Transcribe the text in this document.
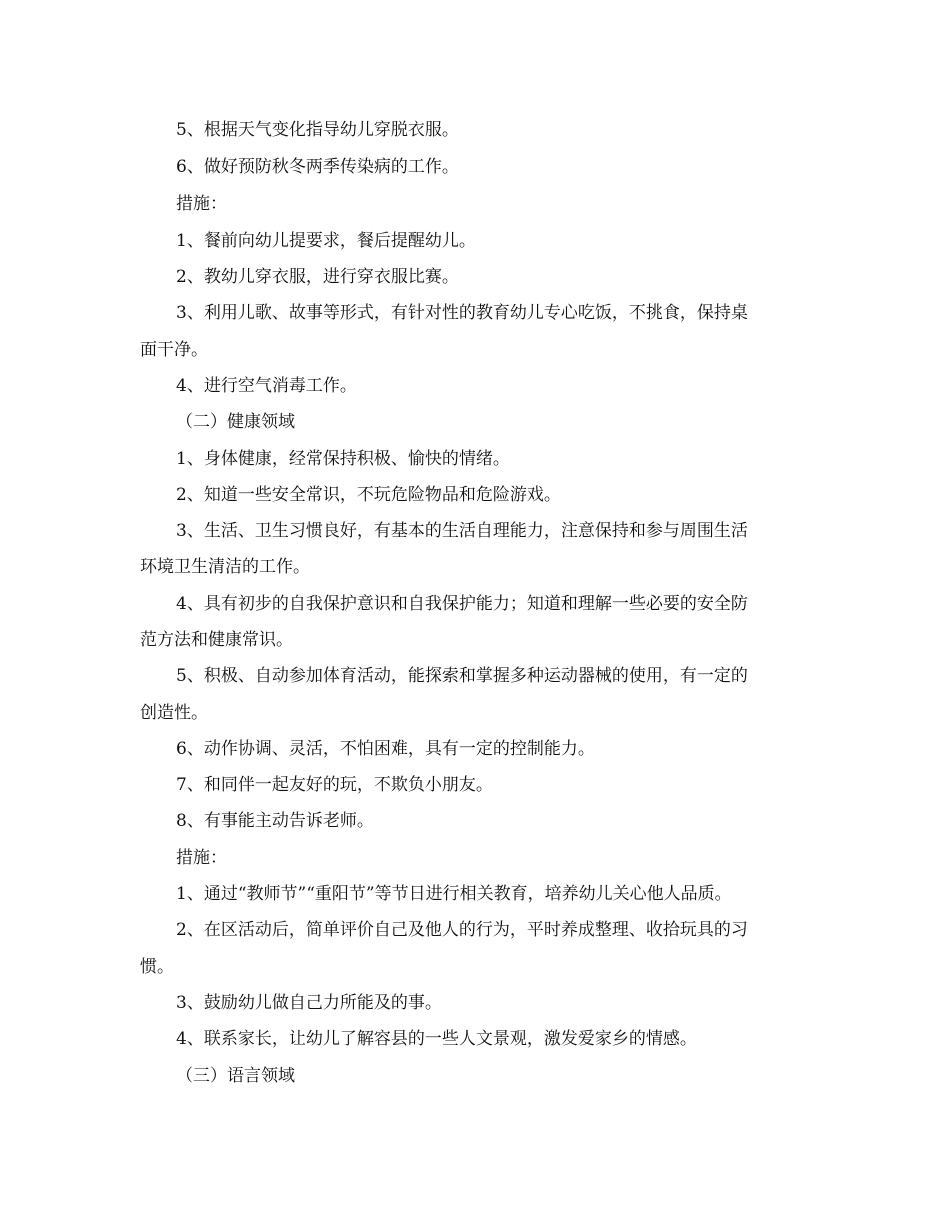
5、根据天气变化指导幼儿穿脱衣服。
6、做好预防秋冬两季传染病的工作。
措施：
1、餐前向幼儿提要求，餐后提醒幼儿。
2、教幼儿穿衣服，进行穿衣服比赛。
3、利用儿歌、故事等形式，有针对性的教育幼儿专心吃饭，不挑食，保持桌
面干净。
4、进行空气消毒工作。
（二）健康领域
1、身体健康，经常保持积极、愉快的情绪。
2、知道一些安全常识，不玩危险物品和危险游戏。
3、生活、卫生习惯良好，有基本的生活自理能力，注意保持和参与周围生活
环境卫生清洁的工作。
4、具有初步的自我保护意识和自我保护能力；知道和理解一些必要的安全防
范方法和健康常识。
5、积极、自动参加体育活动，能探索和掌握多种运动器械的使用，有一定的
创造性。
6、动作协调、灵活，不怕困难，具有一定的控制能力。
7、和同伴一起友好的玩，不欺负小朋友。
8、有事能主动告诉老师。
措施：
1、通过“教师节”“重阳节”等节日进行相关教育，培养幼儿关心他人品质。
2、在区活动后，简单评价自己及他人的行为，平时养成整理、收拾玩具的习
惯。
3、鼓励幼儿做自己力所能及的事。
4、联系家长，让幼儿了解容县的一些人文景观，激发爱家乡的情感。
（三）语言领域
